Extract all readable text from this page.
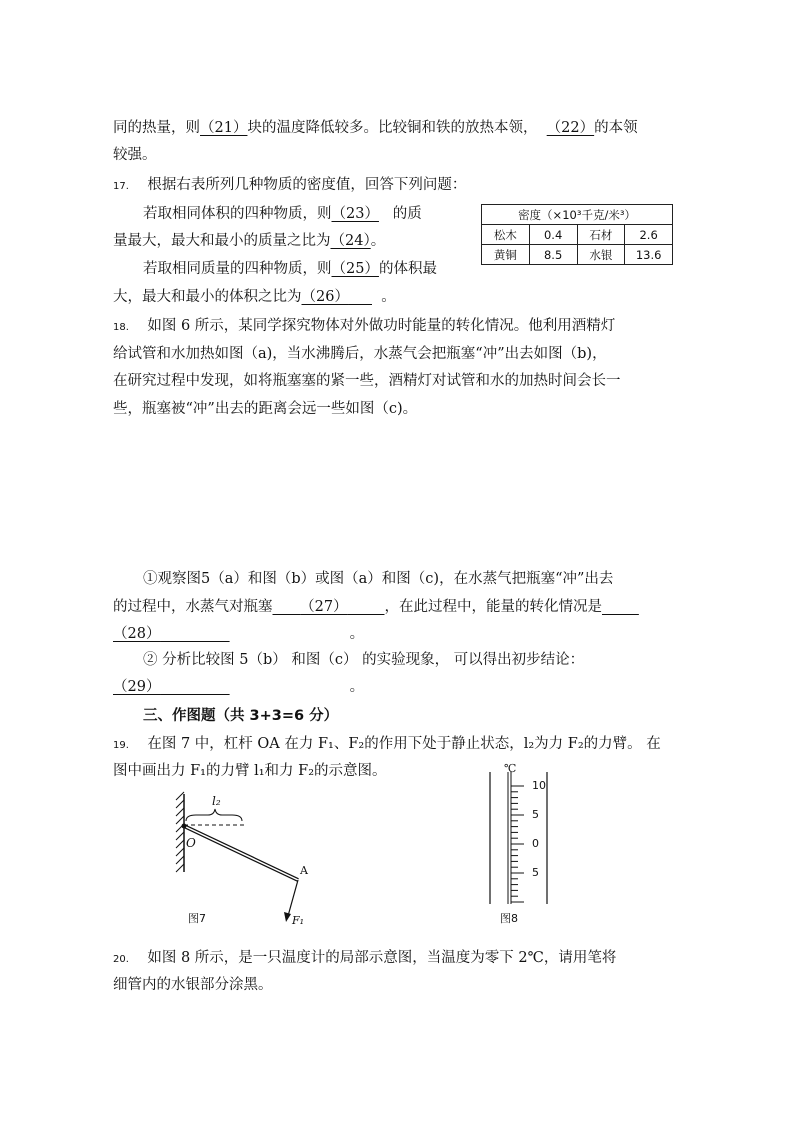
同的热量，则（21）块的温度降低较多。比较铜和铁的放热本领， （22）的本领
较强。
17. 根据右表所列几种物质的密度值，回答下列问题：
若取相同体积的四种物质，则（23） 的质
量最大，最大和最小的质量之比为（24）。
若取相同质量的四种物质，则（25）的体积最
大，最大和最小的体积之比为（26） 。
密度（×10³千克/米³）			
松木	0.4	石材	2.6
黄铜	8.5	水银	13.6
18. 如图 6 所示，某同学探究物体对外做功时能量的转化情况。他利用酒精灯
给试管和水加热如图（a)，当水沸腾后，水蒸气会把瓶塞“冲”出去如图（b)，
在研究过程中发现，如将瓶塞塞的紧一些，酒精灯对试管和水的加热时间会长一
些，瓶塞被“冲”出去的距离会远一些如图（c)。
①观察图5（a）和图（b）或图（a）和图（c)，在水蒸气把瓶塞“冲”出去
的过程中，水蒸气对瓶塞 （27）	，在此过程中，能量的转化情况是
（28）	。
② 分析比较图 5（b） 和图（c） 的实验现象， 可以得出初步结论：
（29）	。
三、作图题（共 3+3=6 分）
19. 在图 7 中，杠杆 OA 在力 F₁、F₂的作用下处于静止状态，l₂为力 F₂的力臂。 在
图中画出力 F₁的力臂 l₁和力 F₂的示意图。
l₂
O
A
F₁
图7
℃
10
5
0
5
图8
20. 如图 8 所示，是一只温度计的局部示意图，当温度为零下 2℃，请用笔将
细管内的水银部分涂黑。
